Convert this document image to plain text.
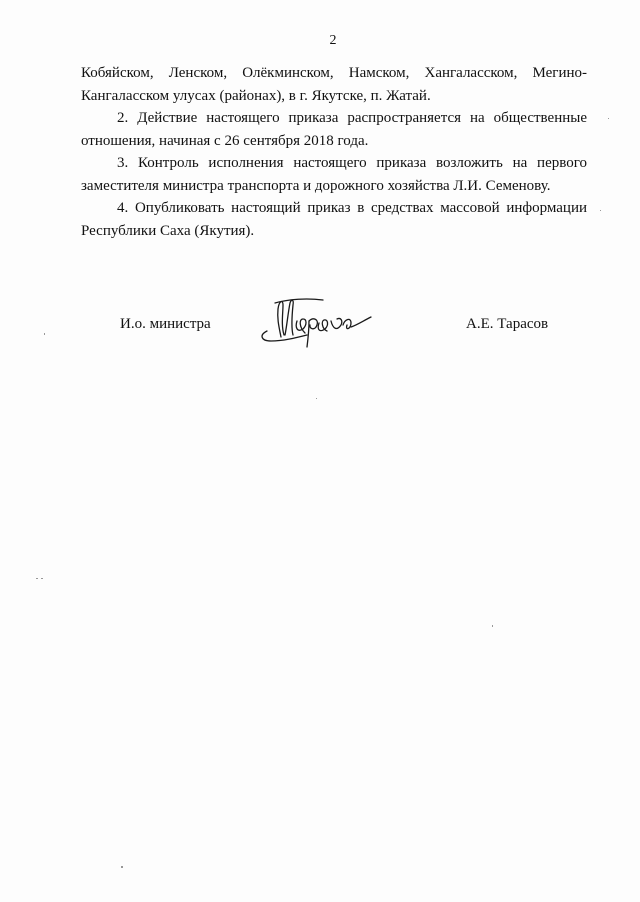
2

Кобяйском, Ленском, Олёкминском, Намском, Хангаласском, Мегино-Кангаласском улусах (районах), в г. Якутске, п. Жатай.

2. Действие настоящего приказа распространяется на общественные отношения, начиная с 26 сентября 2018 года.

3. Контроль исполнения настоящего приказа возложить на первого заместителя министра транспорта и дорожного хозяйства Л.И. Семенову.

4. Опубликовать настоящий приказ в средствах массовой информации Республики Саха (Якутия).

И.о. министра	А.Е. Тарасов
